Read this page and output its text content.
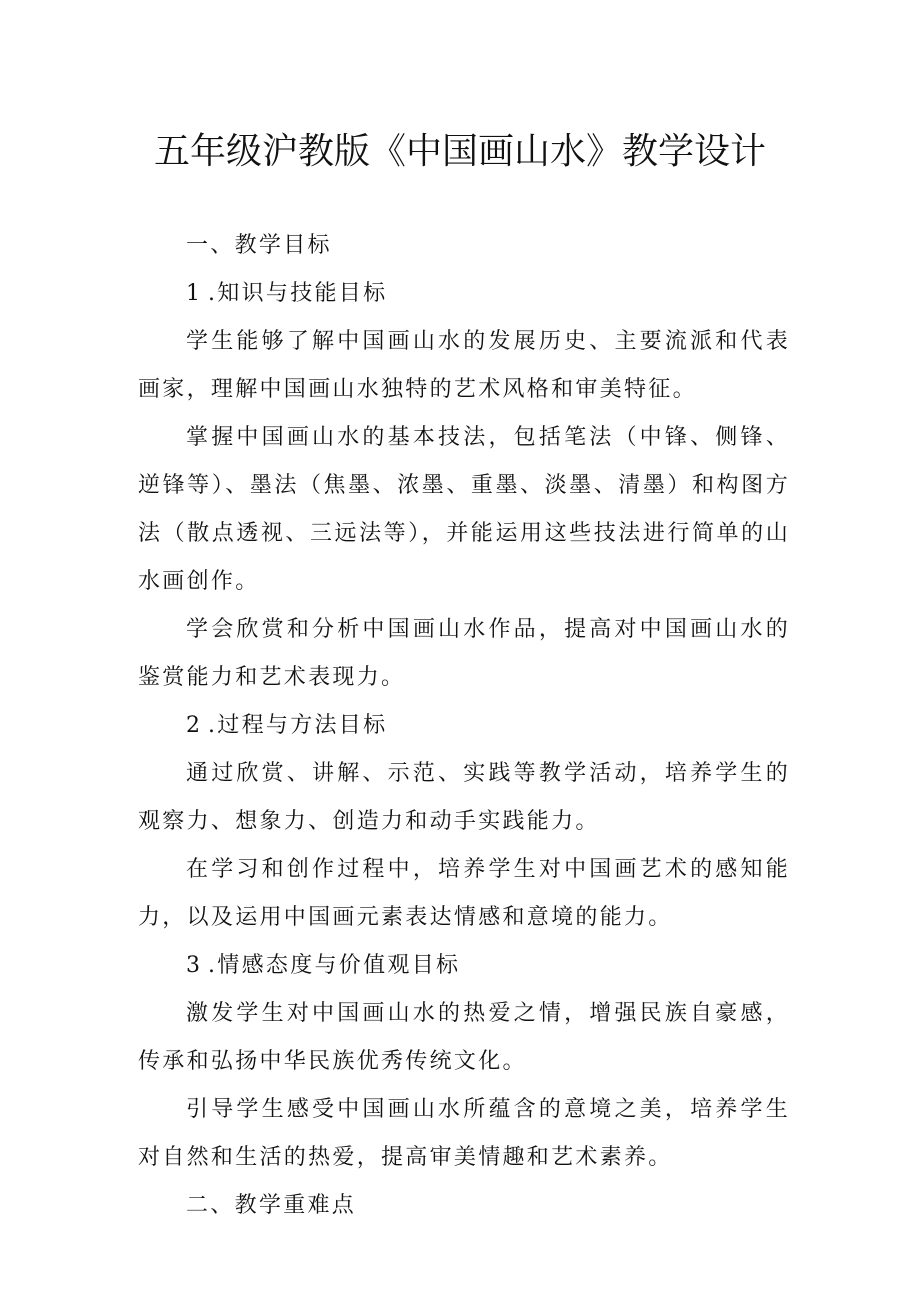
五年级沪教版《中国画山水》教学设计

一、教学目标

1.知识与技能目标

学生能够了解中国画山水的发展历史、主要流派和代表画家，理解中国画山水独特的艺术风格和审美特征。

掌握中国画山水的基本技法，包括笔法（中锋、侧锋、逆锋等）、墨法（焦墨、浓墨、重墨、淡墨、清墨）和构图方法（散点透视、三远法等），并能运用这些技法进行简单的山水画创作。

学会欣赏和分析中国画山水作品，提高对中国画山水的鉴赏能力和艺术表现力。

2.过程与方法目标

通过欣赏、讲解、示范、实践等教学活动，培养学生的观察力、想象力、创造力和动手实践能力。

在学习和创作过程中，培养学生对中国画艺术的感知能力，以及运用中国画元素表达情感和意境的能力。

3.情感态度与价值观目标

激发学生对中国画山水的热爱之情，增强民族自豪感，传承和弘扬中华民族优秀传统文化。

引导学生感受中国画山水所蕴含的意境之美，培养学生对自然和生活的热爱，提高审美情趣和艺术素养。

二、教学重难点
